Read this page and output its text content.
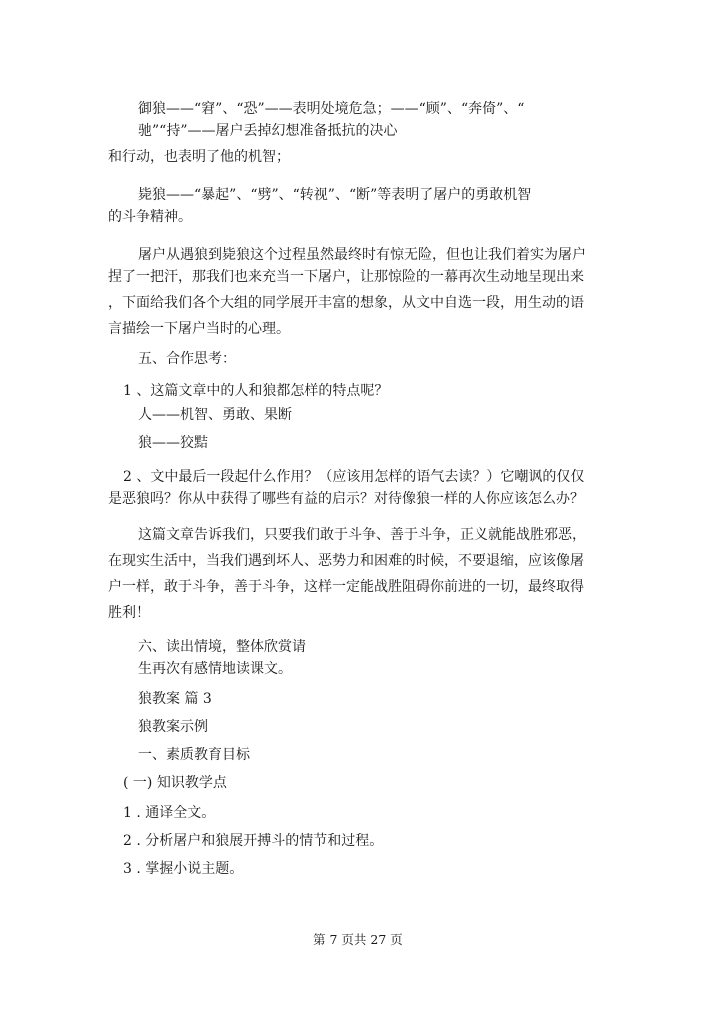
御狼——“窘”、“恐”——表明处境危急；——“顾”、“奔倚”、“
驰”“持”——屠户丢掉幻想准备抵抗的决心
和行动，也表明了他的机智；
毙狼——“暴起”、“劈”、“转视”、“断”等表明了屠户的勇敢机智
的斗争精神。
屠户从遇狼到毙狼这个过程虽然最终时有惊无险，但也让我们着实为屠户
捏了一把汗，那我们也来充当一下屠户，让那惊险的一幕再次生动地呈现出来
，下面给我们各个大组的同学展开丰富的想象，从文中自选一段，用生动的语
言描绘一下屠户当时的心理。
五、合作思考：
1 、这篇文章中的人和狼都怎样的特点呢？
人——机智、勇敢、果断
狼——狡黠
2 、文中最后一段起什么作用？（应该用怎样的语气去读？）它嘲讽的仅仅
是恶狼吗？你从中获得了哪些有益的启示？对待像狼一样的人你应该怎么办？
这篇文章告诉我们，只要我们敢于斗争、善于斗争，正义就能战胜邪恶，
在现实生活中，当我们遇到坏人、恶势力和困难的时候，不要退缩，应该像屠
户一样，敢于斗争，善于斗争，这样一定能战胜阻碍你前进的一切，最终取得
胜利！
六、读出情境，整体欣赏请
生再次有感情地读课文。
狼教案 篇 3
狼教案示例
一、素质教育目标
( 一) 知识教学点
1 . 通译全文。
2 . 分析屠户和狼展开搏斗的情节和过程。
3 . 掌握小说主题。
第 7 页共 27 页
